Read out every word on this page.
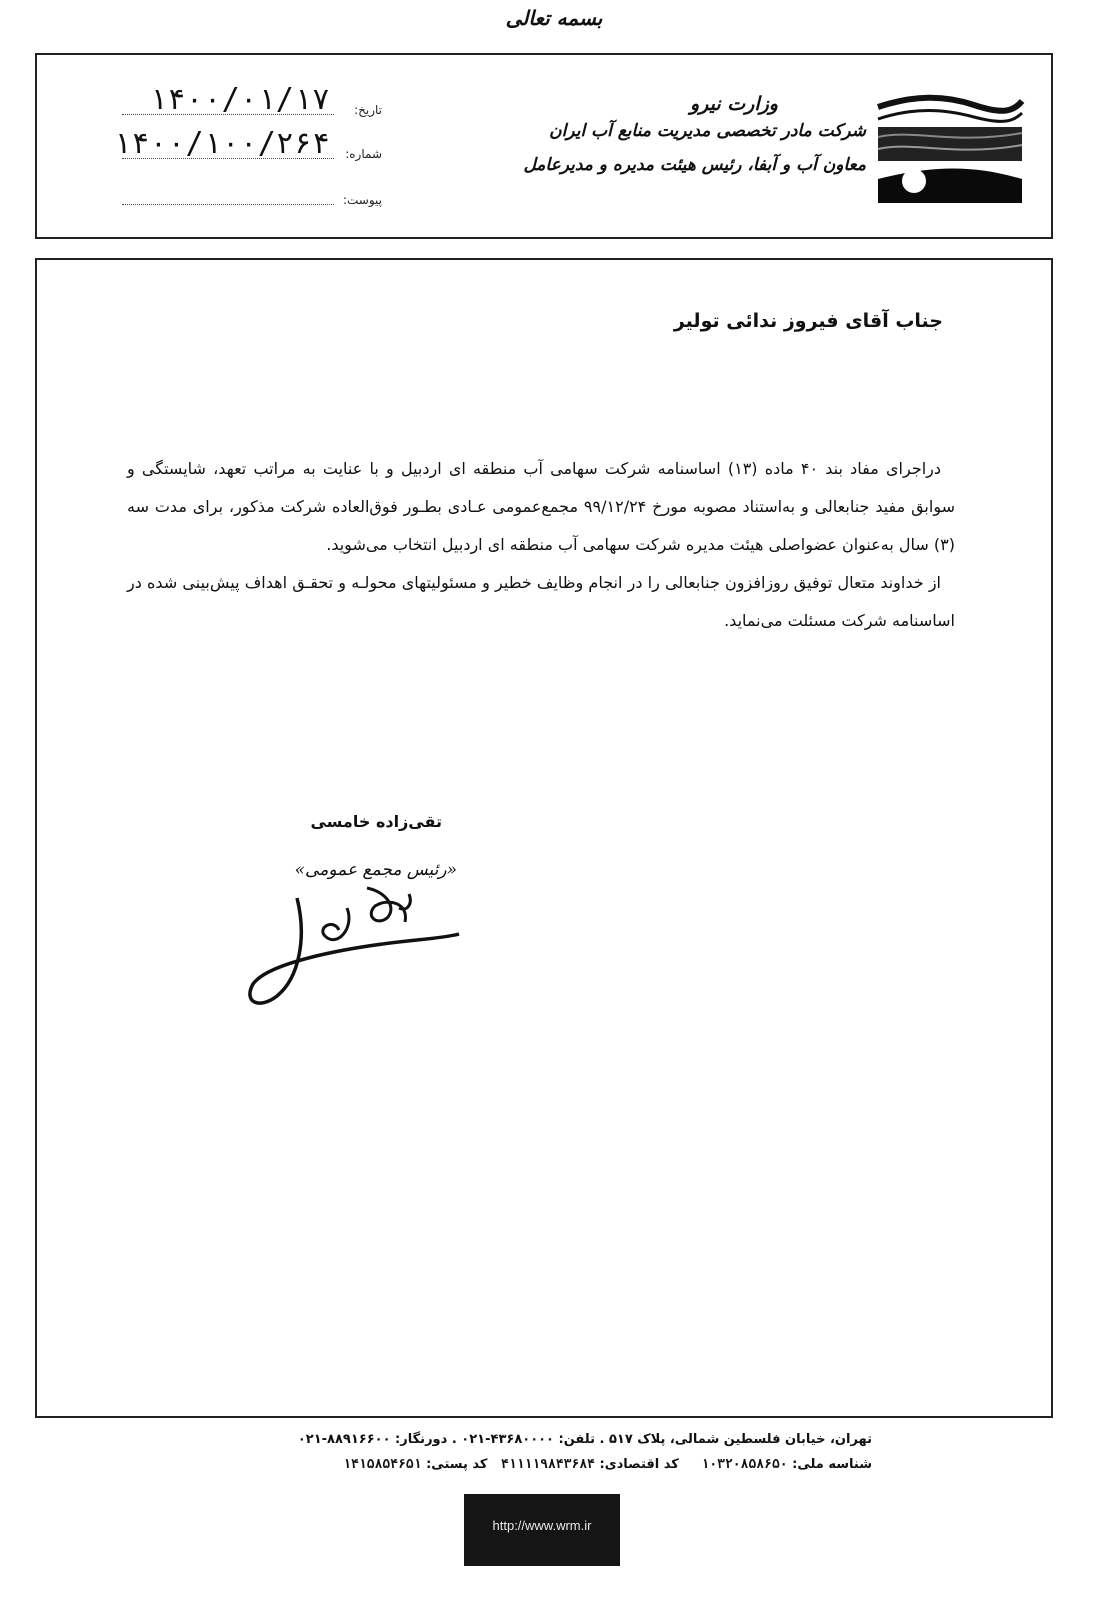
بسمه تعالی
وزارت نیرو
شرکت مادر تخصصی مدیریت منابع آب ایران
معاون آب و آبفا، رئیس هیئت مدیره و مدیرعامل
تاریخ:
۱۴۰۰/۰۱/۱۷
شماره:
۱۴۰۰/۱۰۰/۲۶۴
پیوست:
جناب آقای فیروز ندائی تولیر

دراجرای مفاد بند ۴۰ ماده (۱۳) اساسنامه شرکت سهامی آب منطقه ای اردبیل و با عنایت به مراتب تعهد، شایستگی و سوابق مفید جنابعالی و به‌استناد مصوبه مورخ ۹۹/۱۲/۲۴ مجمع‌عمومی عـادی بطـور فوق‌العاده شرکت مذکور، برای مدت سه (۳) سال به‌عنوان عضواصلی هیئت مدیره شرکت سهامی آب منطقه ای اردبیل انتخاب می‌شوید.

از خداوند متعال توفیق روزافزون جنابعالی را در انجام وظایف خطیر و مسئولیتهای محولـه و تحقـق اهداف پیش‌بینی شده در اساسنامه شرکت مسئلت می‌نماید.

تقی‌زاده خامسی
«رئیس مجمع عمومی»
تهران، خیابان فلسطین شمالی، پلاک ۵۱۷ . تلفن: ۴۳۶۸۰۰۰۰-۰۲۱ . دورنگار: ۸۸۹۱۶۶۰۰-۰۲۱
شناسه ملی: ۱۰۳۲۰۸۵۸۶۵۰     کد اقتصادی: ۴۱۱۱۱۹۸۴۳۶۸۴   کد پستی: ۱۴۱۵۸۵۴۶۵۱
http://www.wrm.ir
